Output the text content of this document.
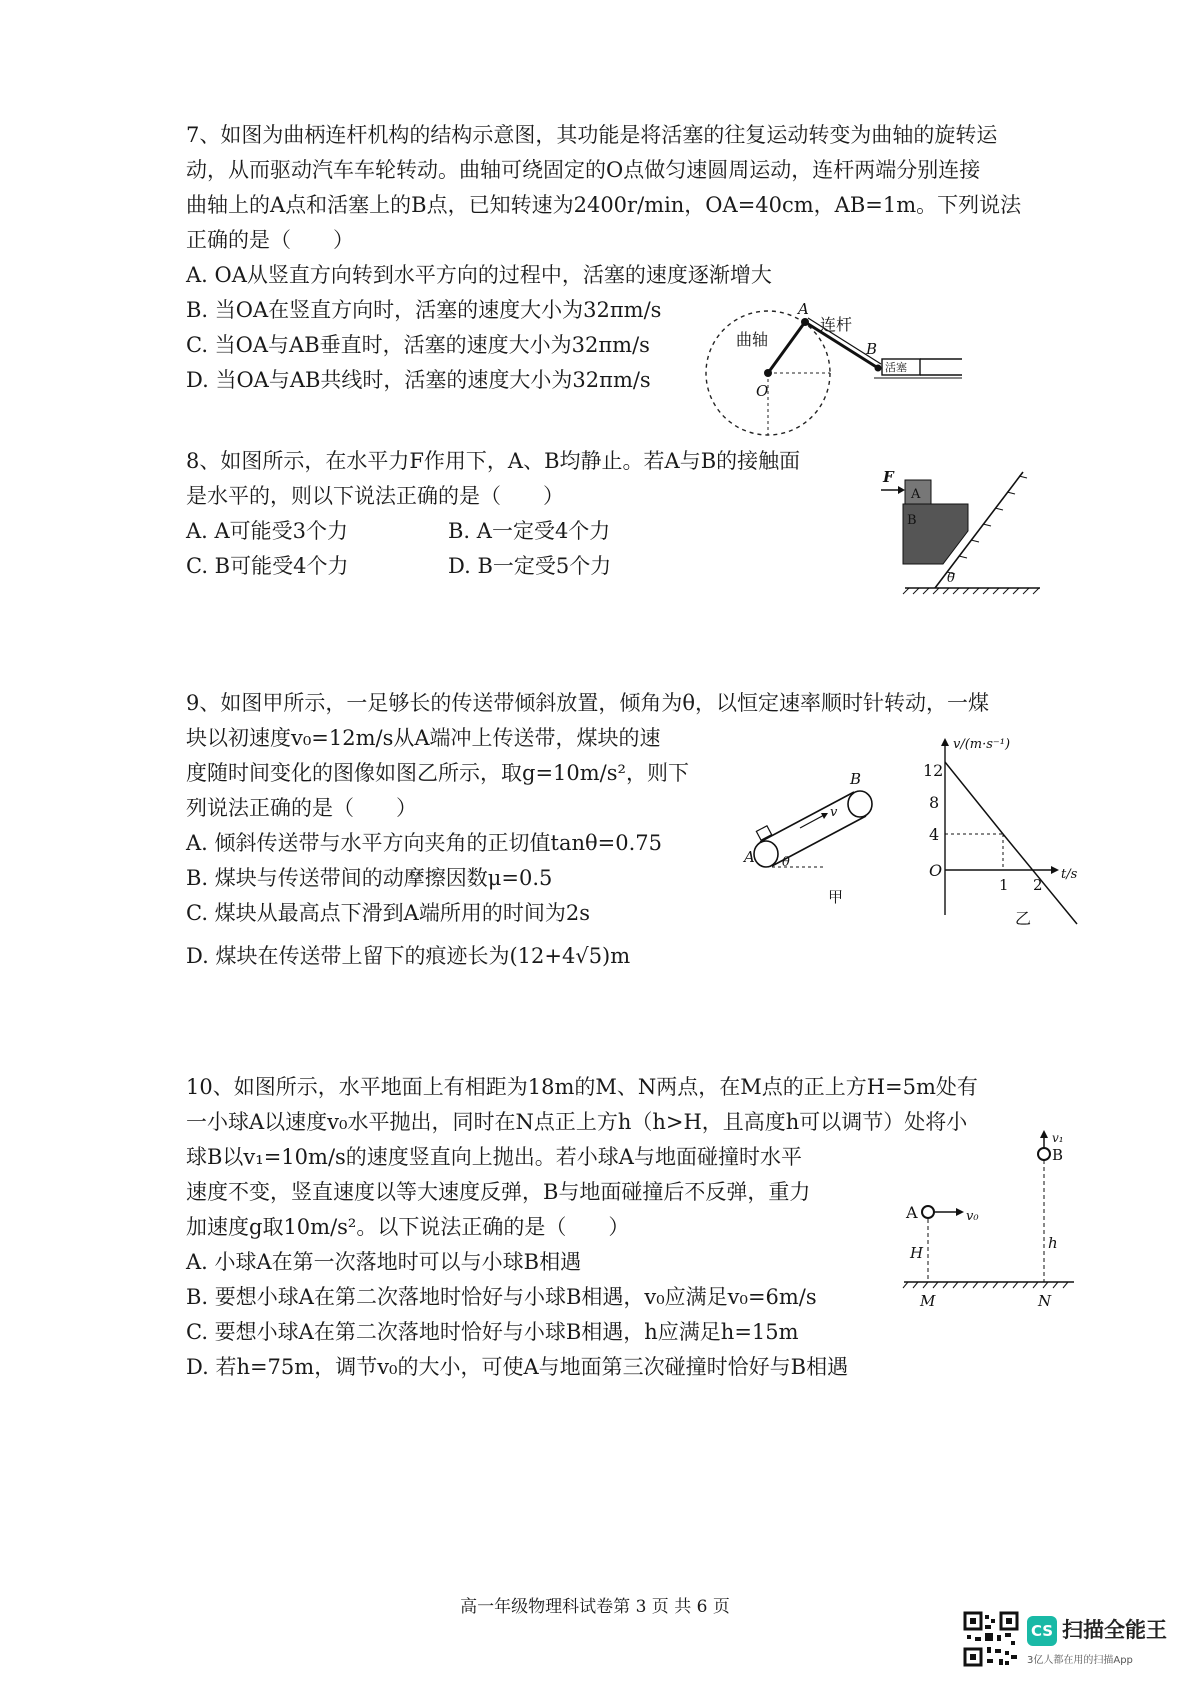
7、如图为曲柄连杆机构的结构示意图，其功能是将活塞的往复运动转变为曲轴的旋转运
动，从而驱动汽车车轮转动。曲轴可绕固定的O点做匀速圆周运动，连杆两端分别连接
曲轴上的A点和活塞上的B点，已知转速为2400r/min，OA=40cm，AB=1m。下列说法
正确的是（　　）
A. OA从竖直方向转到水平方向的过程中，活塞的速度逐渐增大
B. 当OA在竖直方向时，活塞的速度大小为32πm/s
C. 当OA与AB垂直时，活塞的速度大小为32πm/s
D. 当OA与AB共线时，活塞的速度大小为32πm/s
曲轴
连杆
活塞
A
B
O
8、如图所示，在水平力F作用下，A、B均静止。若A与B的接触面
是水平的，则以下说法正确的是（　　）
A. A可能受3个力	B. A一定受4个力
C. B可能受4个力	D. B一定受5个力
F
A
B
θ
9、如图甲所示，一足够长的传送带倾斜放置，倾角为θ，以恒定速率顺时针转动，一煤
块以初速度v₀=12m/s从A端冲上传送带，煤块的速
度随时间变化的图像如图乙所示，取g=10m/s²，则下
列说法正确的是（　　）
A. 倾斜传送带与水平方向夹角的正切值tanθ=0.75
B. 煤块与传送带间的动摩擦因数μ=0.5
C. 煤块从最高点下滑到A端所用的时间为2s
D. 煤块在传送带上留下的痕迹长为(12+4√5)m
A
B
v
θ
甲
v/(m·s⁻¹)
t/s
O
12
8
4
1 2
乙
10、如图所示，水平地面上有相距为18m的M、N两点，在M点的正上方H=5m处有
一小球A以速度v₀水平抛出，同时在N点正上方h（h>H，且高度h可以调节）处将小
球B以v₁=10m/s的速度竖直向上抛出。若小球A与地面碰撞时水平
速度不变，竖直速度以等大速度反弹，B与地面碰撞后不反弹，重力
加速度g取10m/s²。以下说法正确的是（　　）
A. 小球A在第一次落地时可以与小球B相遇
B. 要想小球A在第二次落地时恰好与小球B相遇，v₀应满足v₀=6m/s
C. 要想小球A在第二次落地时恰好与小球B相遇，h应满足h=15m
D. 若h=75m，调节v₀的大小，可使A与地面第三次碰撞时恰好与B相遇
A	v₀
B
v₁
H
h
M	N
高一年级物理科试卷第 3 页 共 6 页
CS 扫描全能王
3亿人都在用的扫描App
